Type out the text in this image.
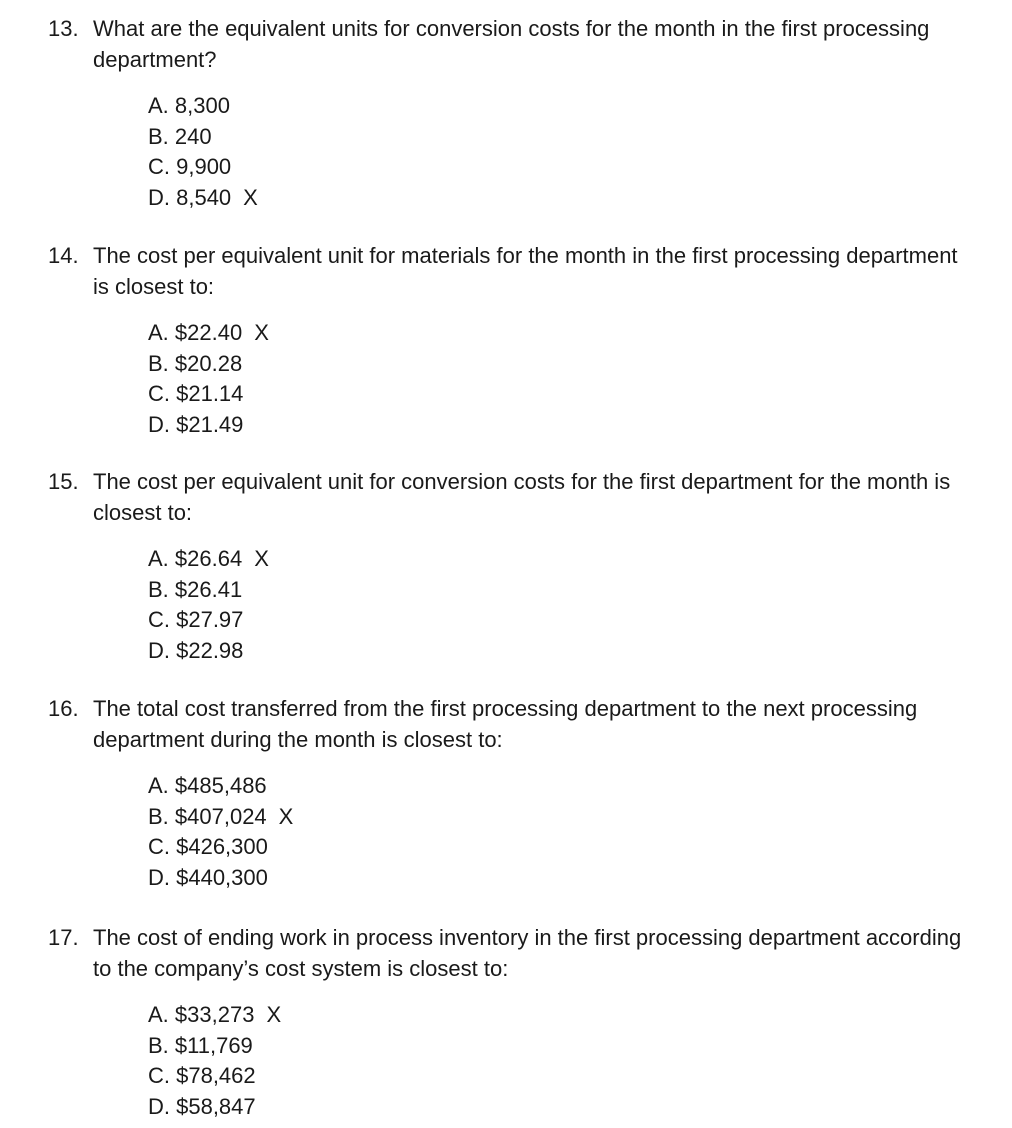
13. What are the equivalent units for conversion costs for the month in the first processing department?
A. 8,300
B. 240
C. 9,900
D. 8,540 X
14. The cost per equivalent unit for materials for the month in the first processing department is closest to:
A. $22.40 X
B. $20.28
C. $21.14
D. $21.49
15. The cost per equivalent unit for conversion costs for the first department for the month is closest to:
A. $26.64 X
B. $26.41
C. $27.97
D. $22.98
16. The total cost transferred from the first processing department to the next processing department during the month is closest to:
A. $485,486
B. $407,024 X
C. $426,300
D. $440,300
17. The cost of ending work in process inventory in the first processing department according to the company’s cost system is closest to:
A. $33,273 X
B. $11,769
C. $78,462
D. $58,847
